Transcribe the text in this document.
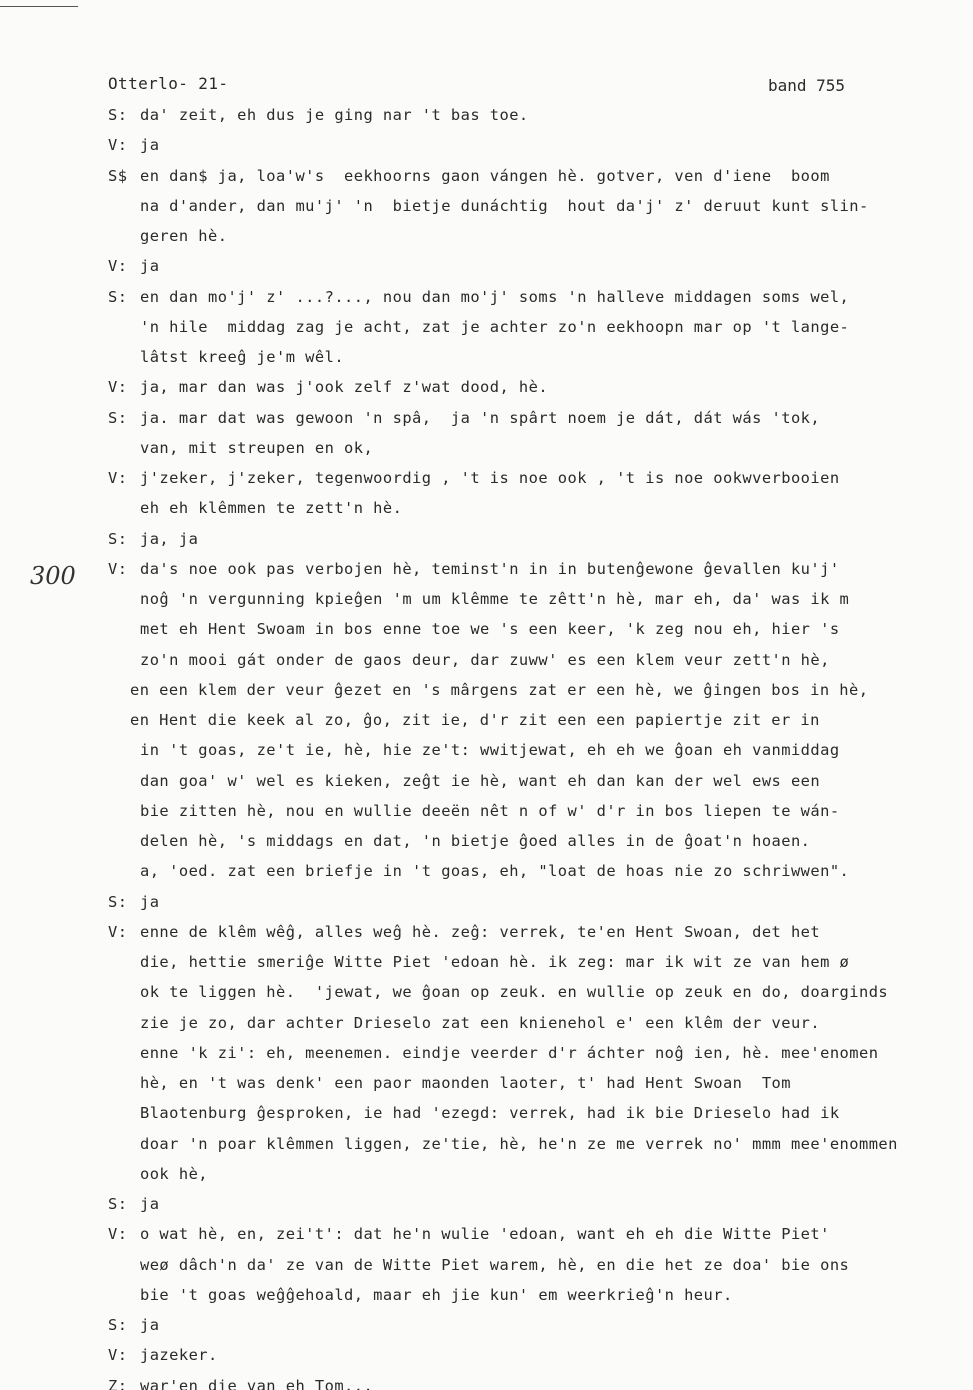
Otterlo- 21-	band 755
300
S: da' zeit, eh dus je ging nar 't bas toe.
V: ja
S$ en dan$ ja, loa'w's  eekhoorns gaon vángen hè. gotver, ven d'iene  boom
na d'ander, dan mu'j' 'n  bietje dunáchtig  hout da'j' z' deruut kunt slin-
geren hè.
V: ja
S: en dan mo'j' z' ...?..., nou dan mo'j' soms 'n halleve middagen soms wel,
'n hile  middag zag je acht, zat je achter zo'n eekhoopn mar op 't lange-
lâtst kreeĝ je'm wêl.
V: ja, mar dan was j'ook zelf z'wat dood, hè.
S: ja. mar dat was gewoon 'n spâ,  ja 'n spârt noem je dát, dát wás 'tok,
van, mit streupen en ok,
V: j'zeker, j'zeker, tegenwoordig , 't is noe ook , 't is noe ookwverbooien
eh eh klêmmen te zett'n hè.
S: ja, ja
V: da's noe ook pas verbojen hè, teminst'n in in butenĝewone ĝevallen ku'j'
noĝ 'n vergunning kpieĝen 'm um klêmme te zêtt'n hè, mar eh, da' was ik m
met eh Hent Swoam in bos enne toe we 's een keer, 'k zeg nou eh, hier 's
zo'n mooi gát onder de gaos deur, dar zuww' es een klem veur zett'n hè,
en een klem der veur ĝezet en 's mârgens zat er een hè, we ĝingen bos in hè,
en Hent die keek al zo, ĝo, zit ie, d'r zit een een papiertje zit er in
in 't goas, ze't ie, hè, hie ze't: wwitjewat, eh eh we ĝoan eh vanmiddag
dan goa' w' wel es kieken, zeĝt ie hè, want eh dan kan der wel ews een
bie zitten hè, nou en wullie deeën nêt n of w' d'r in bos liepen te wán-
delen hè, 's middags en dat, 'n bietje ĝoed alles in de ĝoat'n hoaen.
a, 'oed. zat een briefje in 't goas, eh, "loat de hoas nie zo schriwwen".
S: ja
V: enne de klêm wêĝ, alles weĝ hè. zeĝ: verrek, te'en Hent Swoan, det het
die, hettie smeriĝe Witte Piet 'edoan hè. ik zeg: mar ik wit ze van hem ø
ok te liggen hè.  'jewat, we ĝoan op zeuk. en wullie op zeuk en do, doarginds
zie je zo, dar achter Drieselo zat een knienehol e' een klêm der veur.
enne 'k zi': eh, meenemen. eindje veerder d'r áchter noĝ ien, hè. mee'enomen
hè, en 't was denk' een paor maonden laoter, t' had Hent Swoan  Tom
Blaotenburg ĝesproken, ie had 'ezegd: verrek, had ik bie Drieselo had ik
doar 'n poar klêmmen liggen, ze'tie, hè, he'n ze me verrek no' mmm mee'enommen
ook hè,
S: ja
V: o wat hè, en, zei't': dat he'n wulie 'edoan, want eh eh die Witte Piet'
weø dâch'n da' ze van de Witte Piet warem, hè, en die het ze doa' bie ons
bie 't goas weĝĝehoald, maar eh jie kun' em weerkrieĝ'n heur.
S: ja
V: jazeker.
Z: war'en die van eh Tom...
